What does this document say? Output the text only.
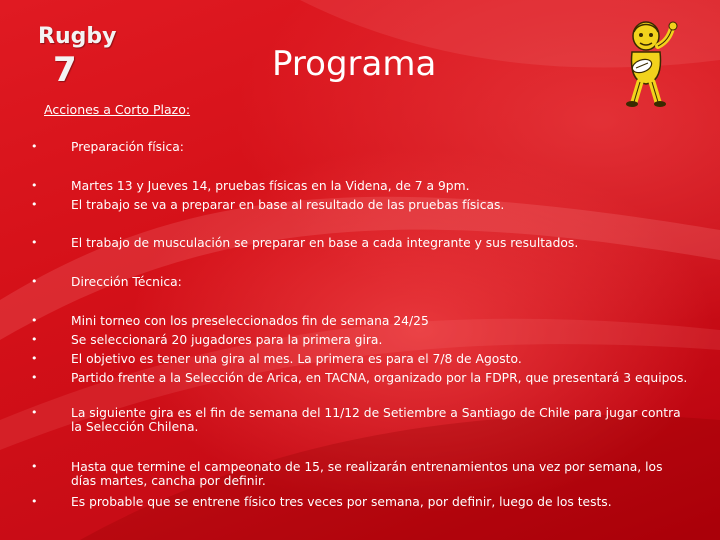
Rugby
7	Programa
Acciones a Corto Plazo:
• Preparación física:
• Martes 13 y Jueves 14, pruebas físicas en la Videna, de 7 a 9pm.
• El trabajo se va a preparar en base al resultado de las pruebas físicas.
• El trabajo de musculación se preparar en base a cada integrante y sus resultados.
• Dirección Técnica:
• Mini torneo con los preseleccionados fin de semana 24/25
• Se seleccionará 20 jugadores para la primera gira.
• El objetivo es tener una gira al mes. La primera es para el 7/8 de Agosto.
• Partido frente a la Selección de Arica, en TACNA, organizado por la FDPR, que presentará 3 equipos.
• La siguiente gira es el fin de semana del 11/12 de Setiembre a Santiago de Chile para jugar contra la Selección Chilena.
• Hasta que termine el campeonato de 15, se realizarán entrenamientos una vez por semana, los días martes, cancha por definir.
• Es probable que se entrene físico tres veces por semana, por definir, luego de los tests.
